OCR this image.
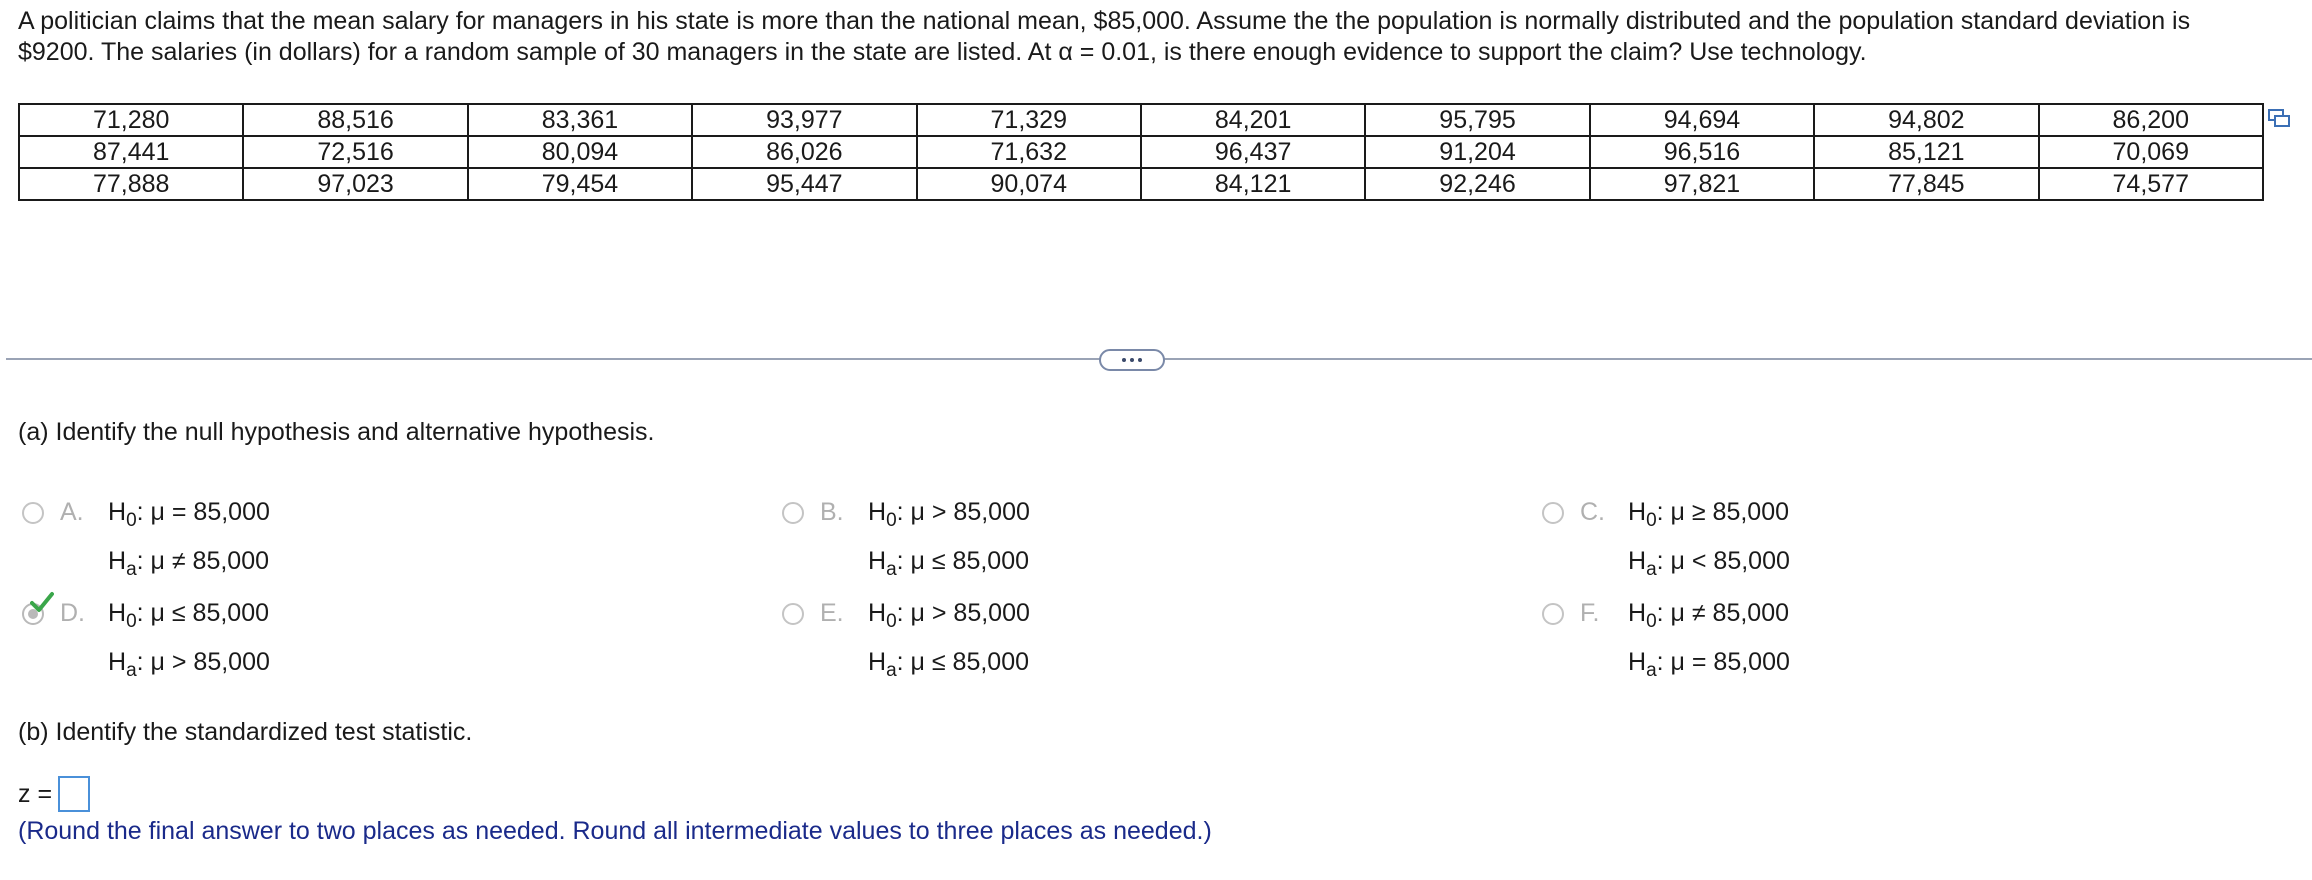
A politician claims that the mean salary for managers in his state is more than the national mean, $85,000. Assume the the population is normally distributed and the population standard deviation is
$9200. The salaries (in dollars) for a random sample of 30 managers in the state are listed. At α = 0.01, is there enough evidence to support the claim? Use technology.
71,280	88,516	83,361	93,977	71,329	84,201	95,795	94,694	94,802	86,200
87,441	72,516	80,094	86,026	71,632	96,437	91,204	96,516	85,121	70,069
77,888	97,023	79,454	95,447	90,074	84,121	92,246	97,821	77,845	74,577
(a) Identify the null hypothesis and alternative hypothesis.
A. $H_0$: μ = 85,000
$H_a$: μ ≠ 85,000
B. $H_0$: μ > 85,000
$H_a$: μ ≤ 85,000
C. $H_0$: μ ≥ 85,000
$H_a$: μ < 85,000
D. $H_0$: μ ≤ 85,000
$H_a$: μ > 85,000
E. $H_0$: μ > 85,000
$H_a$: μ ≤ 85,000
F. $H_0$: μ ≠ 85,000
$H_a$: μ = 85,000
(b) Identify the standardized test statistic.
z =
(Round the final answer to two places as needed. Round all intermediate values to three places as needed.)
